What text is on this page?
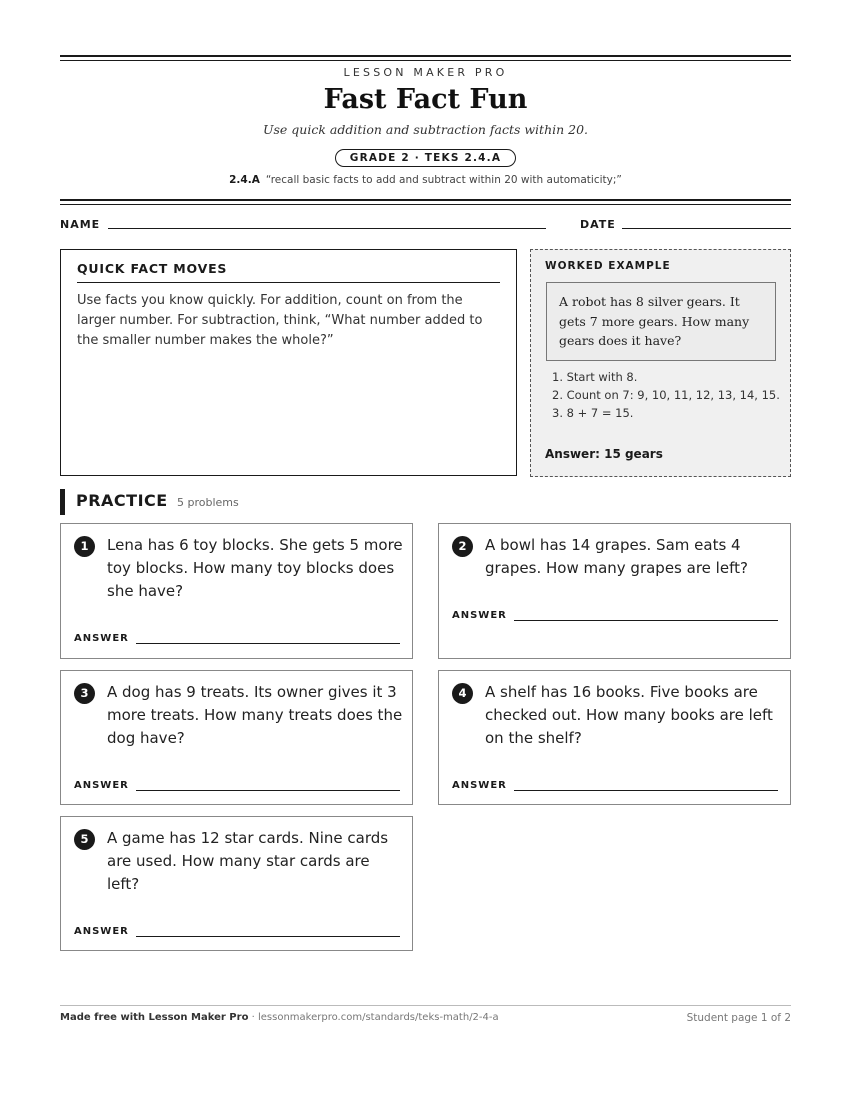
LESSON MAKER PRO
Fast Fact Fun
Use quick addition and subtraction facts within 20.
GRADE 2 · TEKS 2.4.A
2.4.A “recall basic facts to add and subtract within 20 with automaticity;”
NAME	DATE
QUICK FACT MOVES
Use facts you know quickly. For addition, count on from the larger number. For subtraction, think, “What number added to the smaller number makes the whole?”
WORKED EXAMPLE
A robot has 8 silver gears. It gets 7 more gears. How many gears does it have?
1. Start with 8.
2. Count on 7: 9, 10, 11, 12, 13, 14, 15.
3. 8 + 7 = 15.
Answer: 15 gears
PRACTICE 5 problems
1	Lena has 6 toy blocks. She gets 5 more toy blocks. How many toy blocks does she have?
ANSWER
2	A bowl has 14 grapes. Sam eats 4 grapes. How many grapes are left?
ANSWER
3	A dog has 9 treats. Its owner gives it 3 more treats. How many treats does the dog have?
ANSWER
4	A shelf has 16 books. Five books are checked out. How many books are left on the shelf?
ANSWER
5	A game has 12 star cards. Nine cards are used. How many star cards are left?
ANSWER
Made free with Lesson Maker Pro · lessonmakerpro.com/standards/teks-math/2-4-a	Student page 1 of 2
